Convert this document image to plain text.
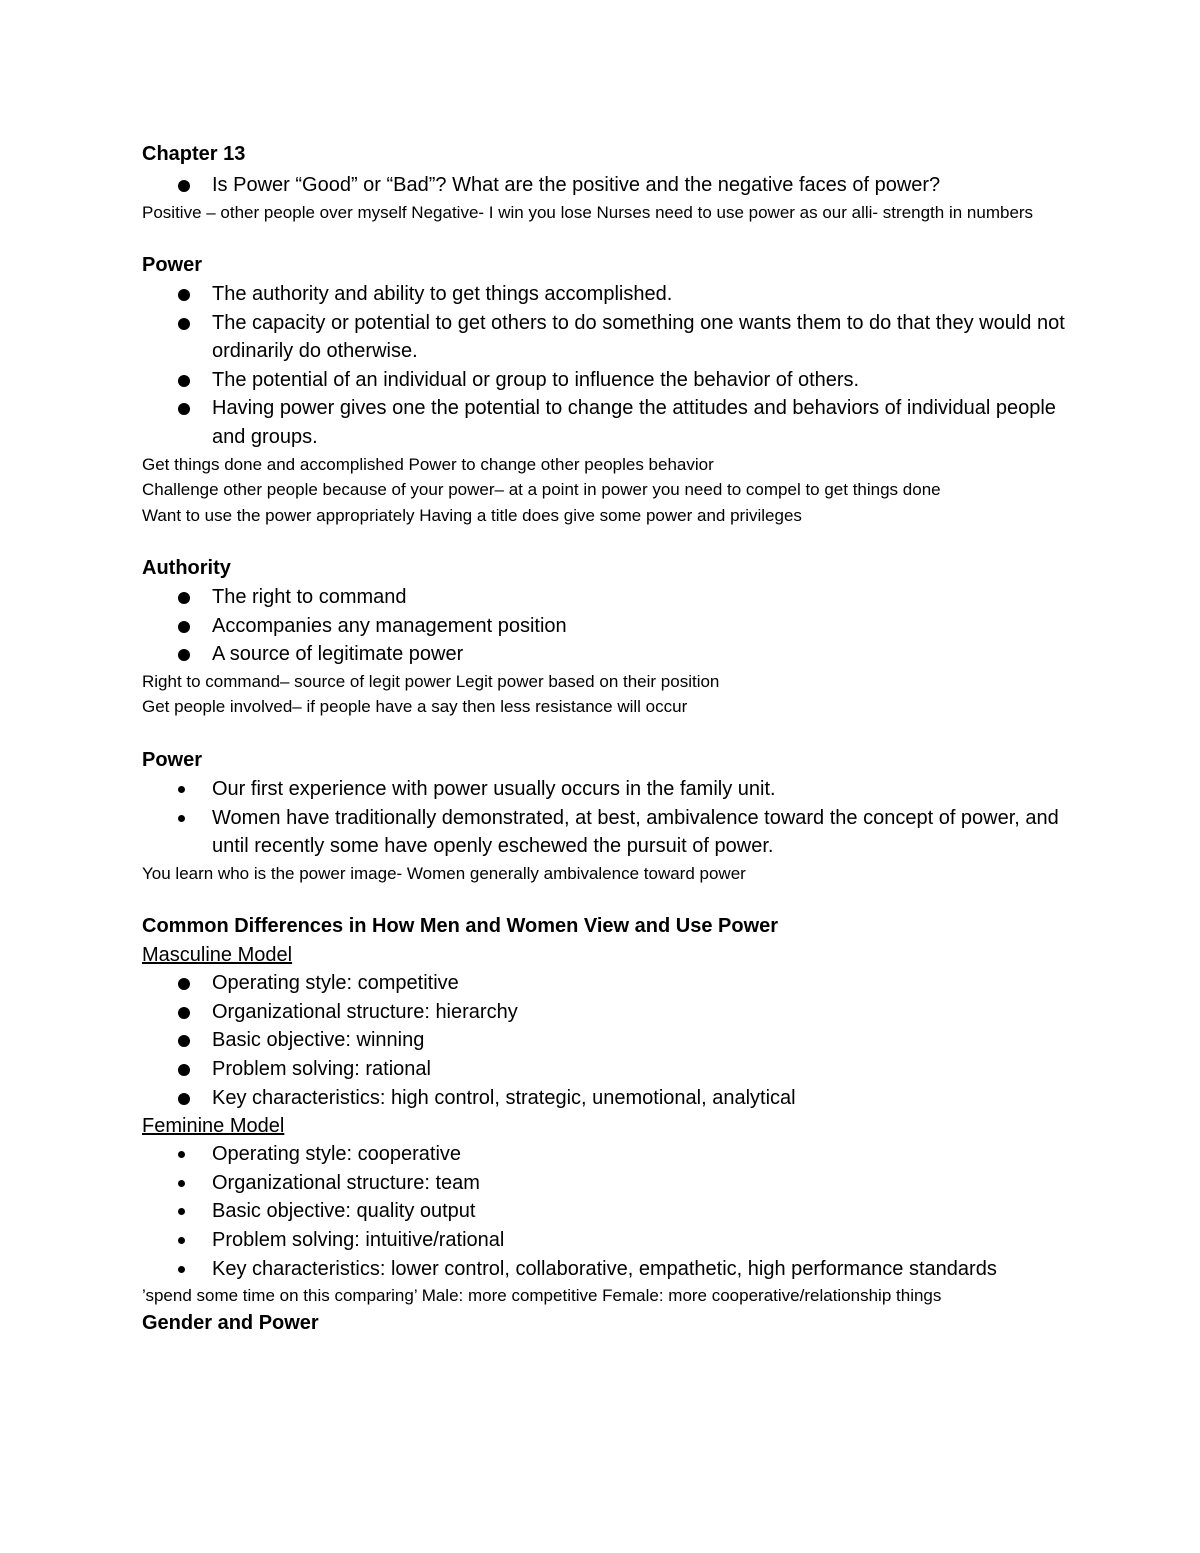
Chapter 13

Is Power “Good” or “Bad”? What are the positive and the negative faces of power?

Positive – other people over myself Negative- I win you lose Nurses need to use power as our alli- strength in numbers

Power

The authority and ability to get things accomplished.
The capacity or potential to get others to do something one wants them to do that they would not ordinarily do otherwise.
The potential of an individual or group to influence the behavior of others.
Having power gives one the potential to change the attitudes and behaviors of individual people and groups.

Get things done and accomplished Power to change other peoples behavior

Challenge other people because of your power– at a point in power you need to compel to get things done

Want to use the power appropriately Having a title does give some power and privileges

Authority

The right to command
Accompanies any management position
A source of legitimate power

Right to command– source of legit power Legit power based on their position

Get people involved– if people have a say then less resistance will occur

Power

Our first experience with power usually occurs in the family unit.
Women have traditionally demonstrated, at best, ambivalence toward the concept of power, and until recently some have openly eschewed the pursuit of power.

You learn who is the power image- Women generally ambivalence toward power

Common Differences in How Men and Women View and Use Power

Masculine Model

Operating style: competitive
Organizational structure: hierarchy
Basic objective: winning
Problem solving: rational
Key characteristics: high control, strategic, unemotional, analytical

Feminine Model

Operating style: cooperative
Organizational structure: team
Basic objective: quality output
Problem solving: intuitive/rational
Key characteristics: lower control, collaborative, empathetic, high performance standards

’spend some time on this comparing’ Male: more competitive Female: more cooperative/relationship things

Gender and Power
